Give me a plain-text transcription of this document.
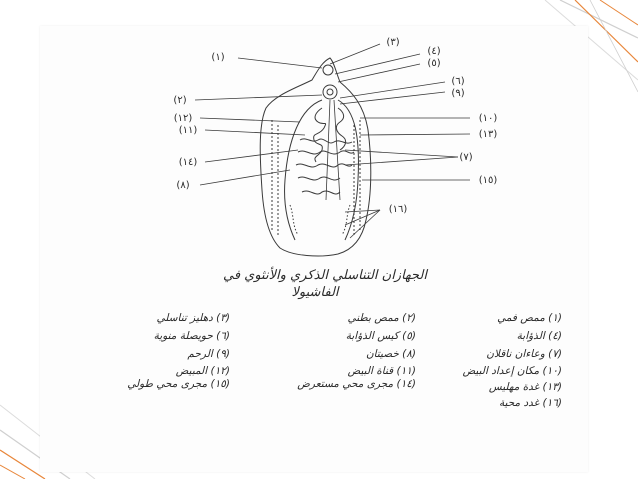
(١)
(٣)
(٤)
(٥)
(٦)
(٩)
(٢)
(١٢)
(١١)
(١٠)
(١٣)
(٧)
(١٤)
(٨)	(١٥)
(١٦)
الجهازان التناسلي الذكري والأنثوي في
الفاشيولا
(١) ممص فمي
(٤) الذؤابة
(٧) وعاءان ناقلان
(١٠) مكان إعداد البيض
(١٣) غدة مهليس
(١٦) غدد محية
(٢) ممص بطني
(٥) كيس الذؤابة
(٨) خصيتان
(١١) قناة البيض
(١٤) مجرى محي مستعرض
(٣) دهليز تناسلي
(٦) حويصلة منوية
(٩) الرحم
(١٢) المبيض
(١٥) مجرى محي طولي
